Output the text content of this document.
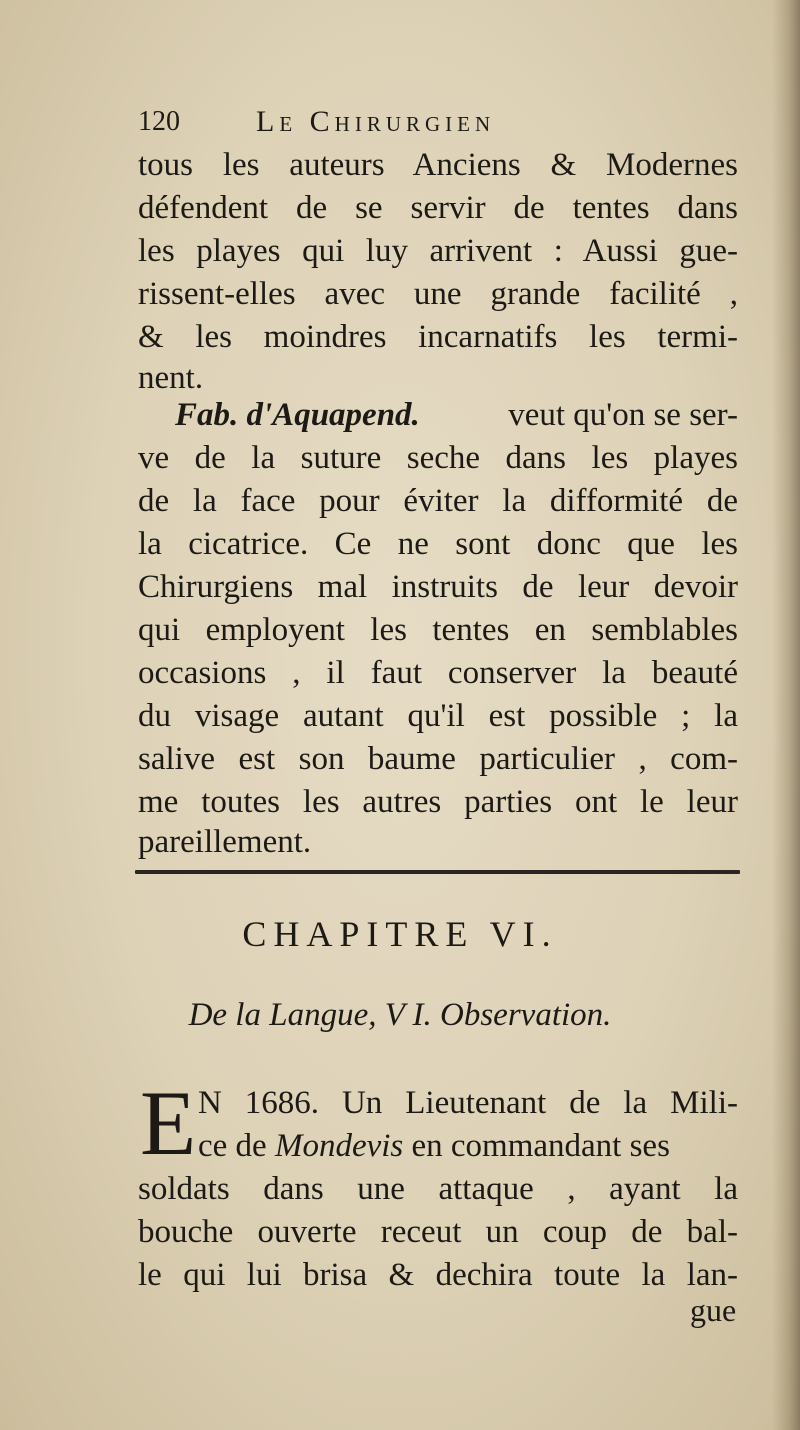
120	Le Chirurgien
tous les auteurs Anciens & Modernes
défendent de se servir de tentes dans
les playes qui luy arrivent : Aussi gue-
rissent-elles avec une grande facilité ,
& les moindres incarnatifs les termi-
nent.
Fab. d'Aquapend.	veut qu'on se ser-
ve de la suture seche dans les playes
de la face pour éviter la difformité de
la cicatrice. Ce ne sont donc que les
Chirurgiens mal instruits de leur devoir
qui employent les tentes en semblables
occasions , il faut conserver la beauté
du visage autant qu'il est possible ; la
salive est son baume particulier , com-
me toutes les autres parties ont le leur
pareillement.
CHAPITRE VI.
De la Langue, V I. Observation.
E N 1686. Un Lieutenant de la Mili-
ce de Mondevis en commandant ses
soldats dans une attaque , ayant la
bouche ouverte receut un coup de bal-
le qui lui brisa & dechira toute la lan-
gue
